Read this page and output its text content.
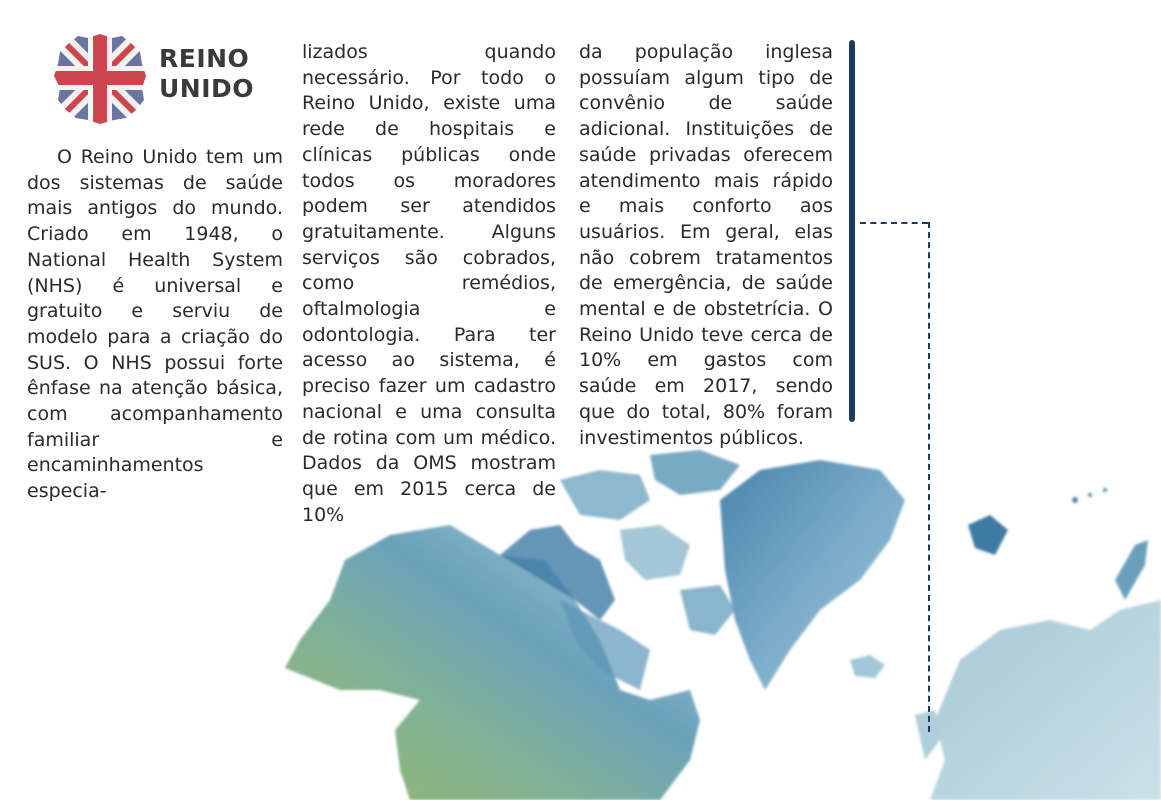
REINO
UNIDO

O Reino Unido tem um dos sistemas de saúde mais antigos do mundo. Criado em 1948, o National Health System (NHS) é universal e gratuito e serviu de modelo para a criação do SUS. O NHS possui forte ênfase na atenção básica, com acompanhamento familiar e encaminhamentos especia-

lizados quando necessário. Por todo o Reino Unido, existe uma rede de hospitais e clínicas públicas onde todos os moradores podem ser atendidos gratuitamente. Alguns serviços são cobrados, como remédios, oftalmologia e odontologia. Para ter acesso ao sistema, é preciso fazer um cadastro nacional e uma consulta de rotina com um médico. Dados da OMS mostram que em 2015 cerca de 10%

da população inglesa possuíam algum tipo de convênio de saúde adicional. Instituições de saúde privadas oferecem atendimento mais rápido e mais conforto aos usuários. Em geral, elas não cobrem tratamentos de emergência, de saúde mental e de obstetrícia. O Reino Unido teve cerca de 10% em gastos com saúde em 2017, sendo que do total, 80% foram investimentos públicos.
